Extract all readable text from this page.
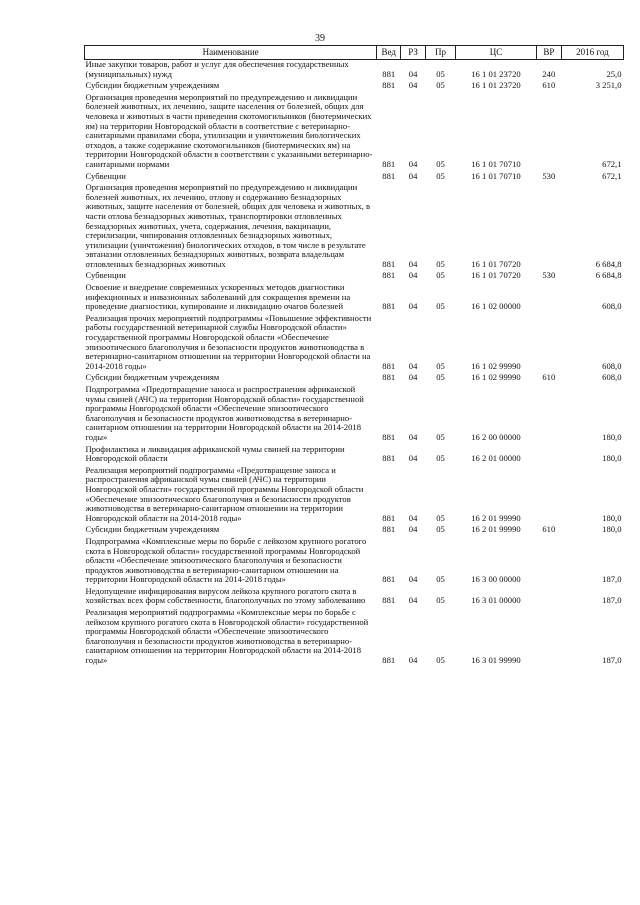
39
Наименование	Вед	РЗ	Пр	ЦС	ВР	2016 год
Иные закупки товаров, работ и услуг для обеспечения государственных (муниципальных) нужд	881	04	05	16 1 01 23720	240	25,0
Субсидии бюджетным учреждениям	881	04	05	16 1 01 23720	610	3 251,0
Организация проведения мероприятий по предупреждению и ликвидации болезней животных, их лечению, защите населения от болезней, общих для человека и животных в части приведения скотомогильников (биотермических ям) на территории Новгородской области в соответствие с ветеринарно-санитарными правилами сбора, утилизации и уничтожения биологических отходов, а также содержание скотомогильников (биотермических ям) на территории Новгородской области в соответствии с указанными ветеринарно-санитарными нормами	881	04	05	16 1 01 70710		672,1
Субвенции	881	04	05	16 1 01 70710	530	672,1
Организация проведения мероприятий по предупреждению и ликвидации болезней животных, их лечению, отлову и содержанию безнадзорных животных, защите населения от болезней, общих для человека и животных, в части отлова безнадзорных животных, транспортировки отловленных безнадзорных животных, учета, содержания, лечения, вакцинации, стерилизации, чипирования отловленных безнадзорных животных, утилизации (уничтожения) биологических отходов, в том числе в результате эвтаназии отловленных безнадзорных животных, возврата владельцам отловленных безнадзорных животных	881	04	05	16 1 01 70720		6 684,8
Субвенции	881	04	05	16 1 01 70720	530	6 684,8
Освоение и внедрение современных ускоренных методов диагностики инфекционных и инвазионных заболеваний для сокращения времени на проведение диагностики, купирование и ликвидацию очагов болезней	881	04	05	16 1 02 00000		608,0
Реализация прочих мероприятий подпрограммы «Повышение эффективности работы государственной ветеринарной службы Новгородской области» государственной программы Новгородской области «Обеспечение эпизоотического благополучия и безопасности продуктов животноводства в ветеринарно-санитарном отношении на территории Новгородской области на 2014-2018 годы»	881	04	05	16 1 02 99990		608,0
Субсидии бюджетным учреждениям	881	04	05	16 1 02 99990	610	608,0
Подпрограмма «Предотвращение заноса и распространения африканской чумы свиней (АЧС) на территории Новгородской области» государственной программы Новгородской области «Обеспечение эпизоотического благополучия и безопасности продуктов животноводства в ветеринарно-санитарном отношении на территории Новгородской области на 2014-2018 годы»	881	04	05	16 2 00 00000		180,0
Профилактика и ликвидация африканской чумы свиней на территории Новгородской области	881	04	05	16 2 01 00000		180,0
Реализация мероприятий подпрограммы «Предотвращение заноса и распространения африканской чумы свиней (АЧС) на территории Новгородской области» государственной программы Новгородской области «Обеспечение эпизоотического благополучия и безопасности продуктов животноводства в ветеринарно-санитарном отношении на территории Новгородской области на 2014-2018 годы»	881	04	05	16 2 01 99990		180,0
Субсидии бюджетным учреждениям	881	04	05	16 2 01 99990	610	180,0
Подпрограмма «Комплексные меры по борьбе с лейкозом крупного рогатого скота в Новгородской области» государственной программы Новгородской области «Обеспечение эпизоотического благополучия и безопасности продуктов животноводства в ветеринарно-санитарном отношении на территории Новгородской области на 2014-2018 годы»	881	04	05	16 3 00 00000		187,0
Недопущение инфицирования вирусом лейкоза крупного рогатого скота в хозяйствах всех форм собственности, благополучных по этому заболеванию	881	04	05	16 3 01 00000		187,0
Реализация мероприятий подпрограммы «Комплексные меры по борьбе с лейкозом крупного рогатого скота в Новгородской области» государственной программы Новгородской области «Обеспечение эпизоотического благополучия и безопасности продуктов животноводства в ветеринарно-санитарном отношении на территории Новгородской области на 2014-2018 годы»	881	04	05	16 3 01 99990		187,0
